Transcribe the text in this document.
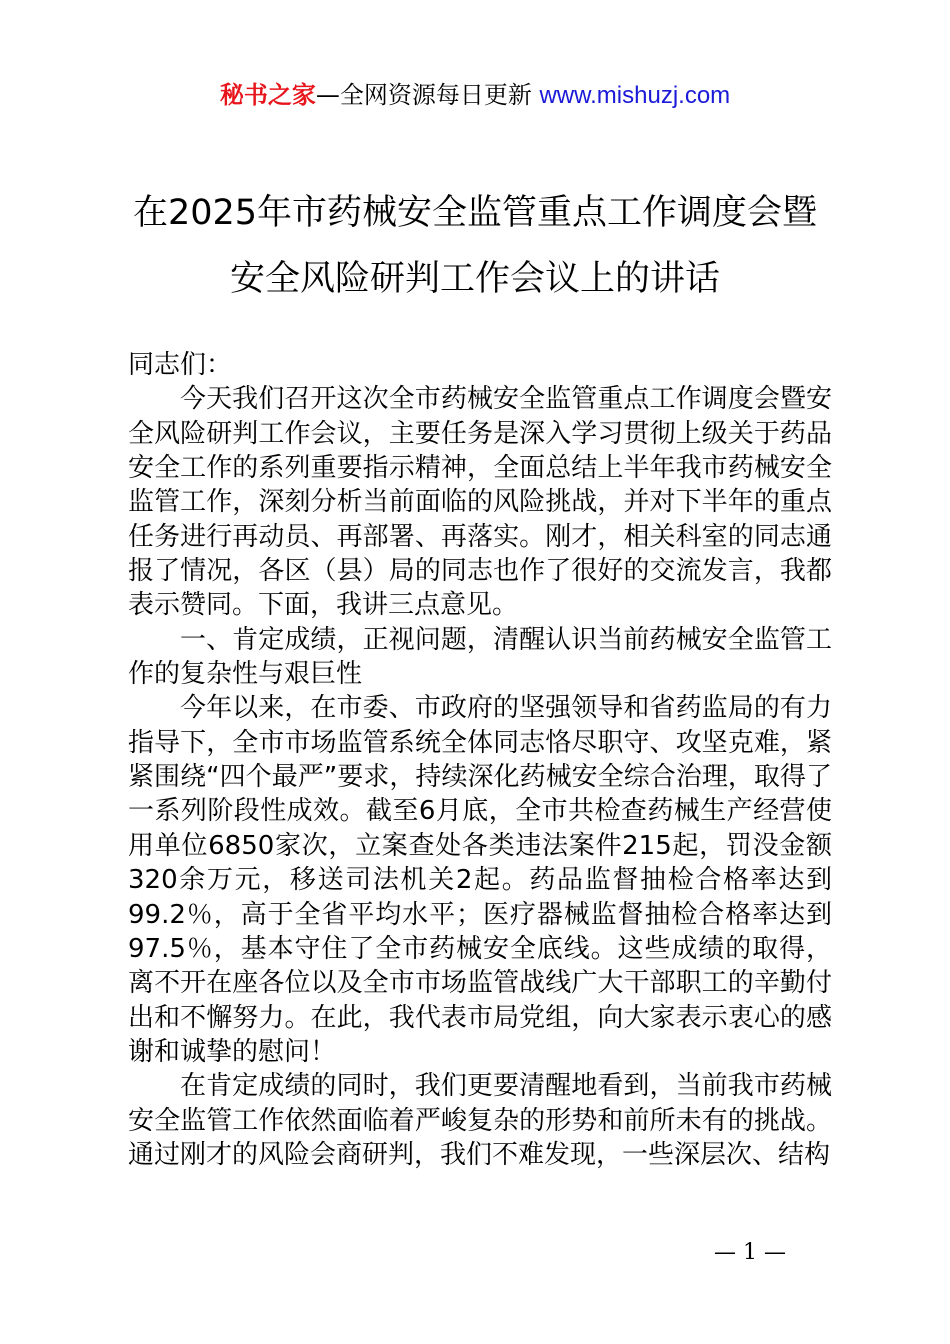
秘书之家—全网资源每日更新 www.mishuzj.com
在2025年市药械安全监管重点工作调度会暨
安全风险研判工作会议上的讲话

同志们：

今天我们召开这次全市药械安全监管重点工作调度会暨安全风险研判工作会议，主要任务是深入学习贯彻上级关于药品安全工作的系列重要指示精神，全面总结上半年我市药械安全监管工作，深刻分析当前面临的风险挑战，并对下半年的重点任务进行再动员、再部署、再落实。刚才，相关科室的同志通报了情况，各区（县）局的同志也作了很好的交流发言，我都表示赞同。下面，我讲三点意见。

一、肯定成绩，正视问题，清醒认识当前药械安全监管工作的复杂性与艰巨性

今年以来，在市委、市政府的坚强领导和省药监局的有力指导下，全市市场监管系统全体同志恪尽职守、攻坚克难，紧紧围绕“四个最严”要求，持续深化药械安全综合治理，取得了一系列阶段性成效。截至6月底，全市共检查药械生产经营使用单位6850家次，立案查处各类违法案件215起，罚没金额320余万元，移送司法机关2起。药品监督抽检合格率达到99.2％，高于全省平均水平；医疗器械监督抽检合格率达到97.5％，基本守住了全市药械安全底线。这些成绩的取得，离不开在座各位以及全市市场监管战线广大干部职工的辛勤付出和不懈努力。在此，我代表市局党组，向大家表示衷心的感谢和诚挚的慰问！

在肯定成绩的同时，我们更要清醒地看到，当前我市药械安全监管工作依然面临着严峻复杂的形势和前所未有的挑战。通过刚才的风险会商研判，我们不难发现，一些深层次、结构

— 1 —
